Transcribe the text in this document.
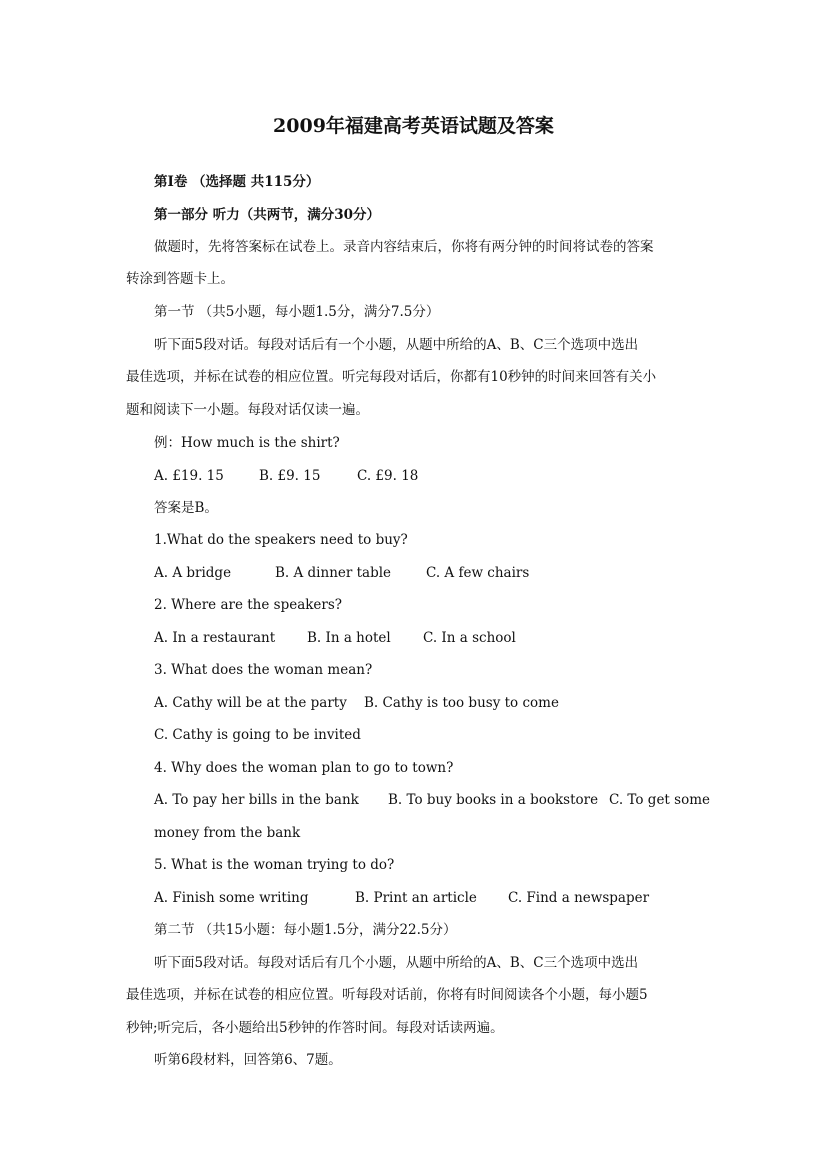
2009年福建高考英语试题及答案
第Ⅰ卷 （选择题 共115分）
第一部分 听力（共两节，满分30分）
做题时，先将答案标在试卷上。录音内容结束后，你将有两分钟的时间将试卷的答案
转涂到答题卡上。
第一节 （共5小题，每小题1.5分，满分7.5分）
听下面5段对话。每段对话后有一个小题，从题中所给的A、B、C三个选项中选出
最佳选项，并标在试卷的相应位置。听完每段对话后，你都有10秒钟的时间来回答有关小
题和阅读下一小题。每段对话仅读一遍。
例：How much is the shirt?
A. £19. 15	B. £9. 15	C. £9. 18
答案是B。
1.What do the speakers need to buy?
A. A bridge	B. A dinner table	C. A few chairs
2. Where are the speakers?
A. In a restaurant B. In a hotel C. In a school
3. What does the woman mean?
A. Cathy will be at the party B. Cathy is too busy to come
C. Cathy is going to be invited
4. Why does the woman plan to go to town?
A. To pay her bills in the bank B. To buy books in a bookstore C. To get some
money from the bank
5. What is the woman trying to do?
A. Finish some writing	B. Print an article C. Find a newspaper
第二节 （共15小题：每小题1.5分，满分22.5分）
听下面5段对话。每段对话后有几个小题，从题中所给的A、B、C三个选项中选出
最佳选项，并标在试卷的相应位置。听每段对话前，你将有时间阅读各个小题，每小题5
秒钟;听完后，各小题给出5秒钟的作答时间。每段对话读两遍。
听第6段材料，回答第6、7题。
